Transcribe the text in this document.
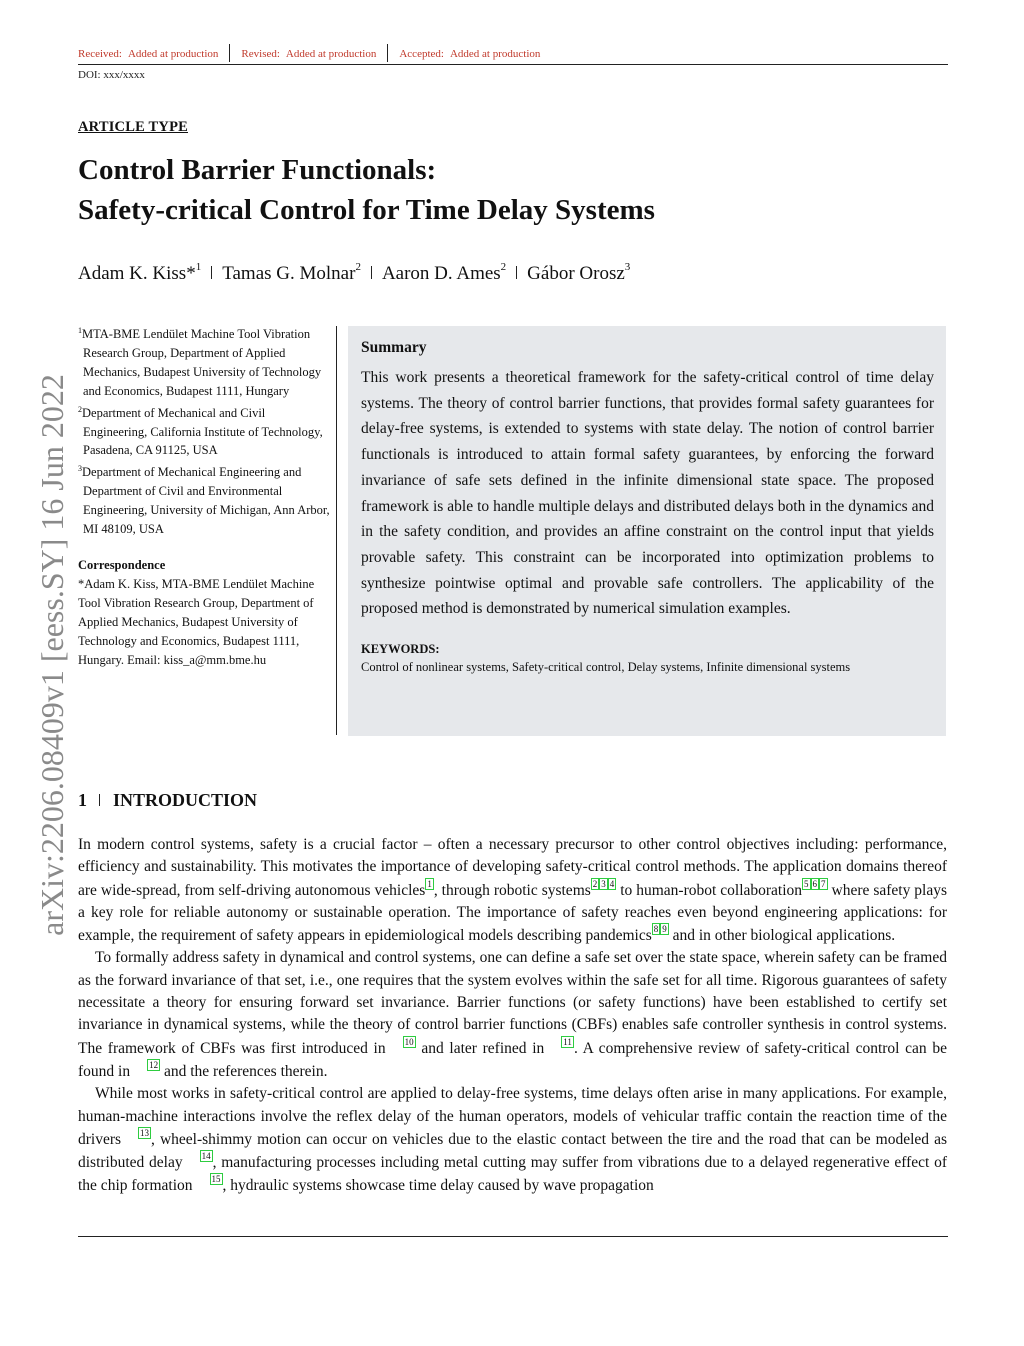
Received: Added at production Revised: Added at production Accepted: Added at production
DOI: xxx/xxxx
ARTICLE TYPE
Control Barrier Functionals:
Safety-critical Control for Time Delay Systems
Adam K. Kiss*$^1$ Tamas G. Molnar$^2$ Aaron D. Ames$^2$ Gábor Orosz$^3$
$^1$MTA-BME Lendület Machine Tool Vibration Research Group, Department of Applied Mechanics, Budapest University of Technology and Economics, Budapest 1111, Hungary
$^2$Department of Mechanical and Civil Engineering, California Institute of Technology, Pasadena, CA 91125, USA
$^3$Department of Mechanical Engineering and Department of Civil and Environmental Engineering, University of Michigan, Ann Arbor, MI 48109, USA
Correspondence
*Adam K. Kiss, MTA-BME Lendület Machine Tool Vibration Research Group, Department of Applied Mechanics, Budapest University of Technology and Economics, Budapest 1111, Hungary. Email: kiss_a@mm.bme.hu
Summary
This work presents a theoretical framework for the safety-critical control of time delay systems. The theory of control barrier functions, that provides formal safety guarantees for delay-free systems, is extended to systems with state delay. The notion of control barrier functionals is introduced to attain formal safety guarantees, by enforcing the forward invariance of safe sets defined in the infinite dimensional state space. The proposed framework is able to handle multiple delays and distributed delays both in the dynamics and in the safety condition, and provides an affine constraint on the control input that yields provable safety. This constraint can be incorporated into optimization problems to synthesize pointwise optimal and provable safe controllers. The applicability of the proposed method is demonstrated by numerical simulation examples.
KEYWORDS:
Control of nonlinear systems, Safety-critical control, Delay systems, Infinite dimensional systems
1 INTRODUCTION

In modern control systems, safety is a crucial factor – often a necessary precursor to other control objectives including: performance, efficiency and sustainability. This motivates the importance of developing safety-critical control methods. The application domains thereof are wide-spread, from self-driving autonomous vehicles 1 , through robotic systems 2 3 4 to human-robot collaboration 5 6 7 where safety plays a key role for reliable autonomy or sustainable operation. The importance of safety reaches even beyond engineering applications: for example, the requirement of safety appears in epidemiological models describing pandemics 8 9 and in other biological applications.

To formally address safety in dynamical and control systems, one can define a safe set over the state space, wherein safety can be framed as the forward invariance of that set, i.e., one requires that the system evolves within the safe set for all time. Rigorous guarantees of safety necessitate a theory for ensuring forward set invariance. Barrier functions (or safety functions) have been established to certify set invariance in dynamical systems, while the theory of control barrier functions (CBFs) enables safe controller synthesis in control systems. The framework of CBFs was first introduced in 10 and later refined in 11 . A comprehensive review of safety-critical control can be found in 12 and the references therein.

While most works in safety-critical control are applied to delay-free systems, time delays often arise in many applications. For example, human-machine interactions involve the reflex delay of the human operators, models of vehicular traffic contain the reaction time of the drivers 13 , wheel-shimmy motion can occur on vehicles due to the elastic contact between the tire and the road that can be modeled as distributed delay 14 , manufacturing processes including metal cutting may suffer from vibrations due to a delayed regenerative effect of the chip formation 15 , hydraulic systems showcase time delay caused by wave propagation

arXiv:2206.08409v1 [eess.SY] 16 Jun 2022
